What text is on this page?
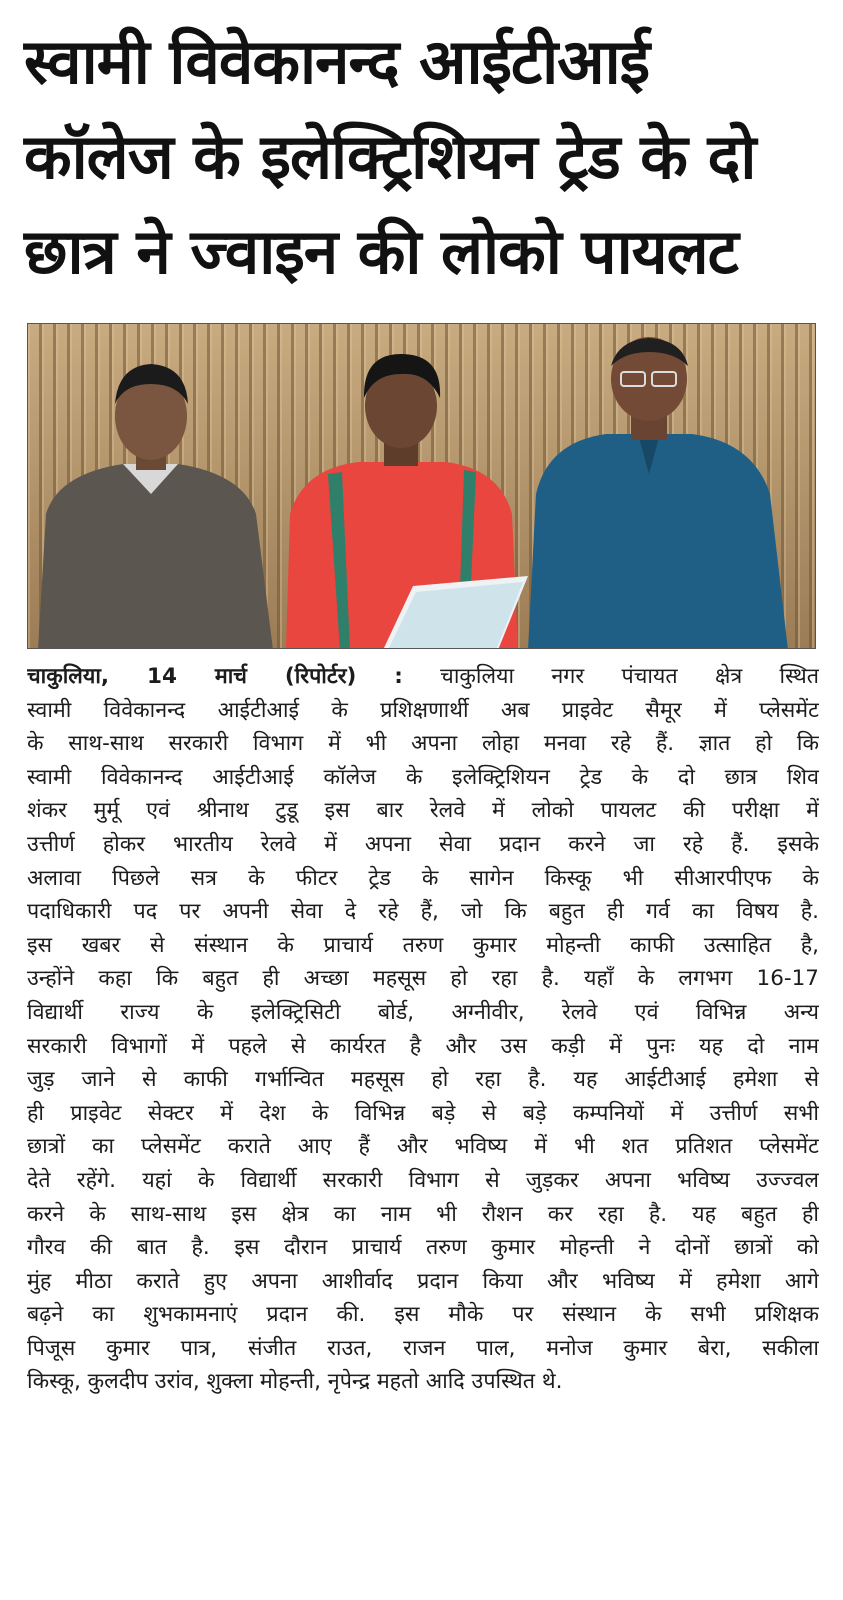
स्वामी विवेकानन्द आईटीआई
कॉलेज के इलेक्ट्रिशियन ट्रेड के दो
छात्र ने ज्वाइन की लोको पायलट
चाकुलिया, 14 मार्च (रिपोर्टर) : चाकुलिया नगर पंचायत क्षेत्र स्थित
स्वामी विवेकानन्द आईटीआई के प्रशिक्षणार्थी अब प्राइवेट सैमूर में प्लेसमेंट
के साथ-साथ सरकारी विभाग में भी अपना लोहा मनवा रहे हैं. ज्ञात हो कि
स्वामी विवेकानन्द आईटीआई कॉलेज के इलेक्ट्रिशियन ट्रेड के दो छात्र शिव
शंकर मुर्मू एवं श्रीनाथ टुडू इस बार रेलवे में लोको पायलट की परीक्षा में
उत्तीर्ण होकर भारतीय रेलवे में अपना सेवा प्रदान करने जा रहे हैं. इसके
अलावा पिछले सत्र के फीटर ट्रेड के सागेन किस्कू भी सीआरपीएफ के
पदाधिकारी पद पर अपनी सेवा दे रहे हैं, जो कि बहुत ही गर्व का विषय है.
इस खबर से संस्थान के प्राचार्य तरुण कुमार मोहन्ती काफी उत्साहित है,
उन्होंने कहा कि बहुत ही अच्छा महसूस हो रहा है. यहाँ के लगभग 16-17
विद्यार्थी राज्य के इलेक्ट्रिसिटी बोर्ड, अग्नीवीर, रेलवे एवं विभिन्न अन्य
सरकारी विभागों में पहले से कार्यरत है और उस कड़ी में पुनः यह दो नाम
जुड़ जाने से काफी गर्भान्वित महसूस हो रहा है. यह आईटीआई हमेशा से
ही प्राइवेट सेक्टर में देश के विभिन्न बड़े से बड़े कम्पनियों में उत्तीर्ण सभी
छात्रों का प्लेसमेंट कराते आए हैं और भविष्य में भी शत प्रतिशत प्लेसमेंट
देते रहेंगे. यहां के विद्यार्थी सरकारी विभाग से जुड़कर अपना भविष्य उज्ज्वल
करने के साथ-साथ इस क्षेत्र का नाम भी रौशन कर रहा है. यह बहुत ही
गौरव की बात है. इस दौरान प्राचार्य तरुण कुमार मोहन्ती ने दोनों छात्रों को
मुंह मीठा कराते हुए अपना आशीर्वाद प्रदान किया और भविष्य में हमेशा आगे
बढ़ने का शुभकामनाएं प्रदान की. इस मौके पर संस्थान के सभी प्रशिक्षक
पिजूस कुमार पात्र, संजीत राउत, राजन पाल, मनोज कुमार बेरा, सकीला
किस्कू, कुलदीप उरांव, शुक्ला मोहन्ती, नृपेन्द्र महतो आदि उपस्थित थे.
